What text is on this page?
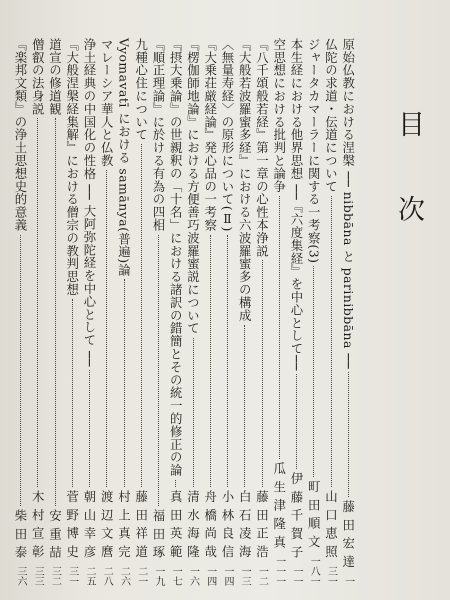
目次
原始仏教における涅槃 ── nibbāna と parinibbāna ──
藤田宏達
一
仏陀の求道・伝道について
山口恵照
三一
ジャータカマーラーに関する一考察(3)
町田順文
一八一
本生経における他界思想 ──『六度集経』を中心として──
伊藤千賀子
一一
空思想における批判と論争
瓜生津隆真
一一一
『八千頌般若経』第一章の心性本浄説
藤田正浩
一二
『大般若波羅蜜多経』における六波羅蜜多の構成
白石凌海
一三
〈無量寿経〉の原形について(Ⅱ)
小林良信
一四
『大乗荘厳経論』発心品の一考察
舟橋尚哉
一四
『楞伽師地論』における方便善巧波羅蜜説について
清水海隆
一六
『摂大乗論』の世親釈の「十名」における諸訳の錯簡とその統一的修正の論
真田英範
一七
『順正理論』に於ける有為の四相
福田琢
一九
九種心住について
藤田祥道
二一
Vyomavatī における samānya(普遍)論
村上真完
二六
マレーシア華人と仏教
渡辺文麿
二八
浄土経典の中国化の性格 ── 大阿弥陀経を中心として ──
朝山幸彦
二五
『大般涅槃経集解』における僧宗の教判思想
菅野博史
三一
道宣の修道観
安重喆
三二
僧叡の法身説
木村宣彰
三三
『楽邦文類』の浄土思想史的意義
柴田泰
三六
